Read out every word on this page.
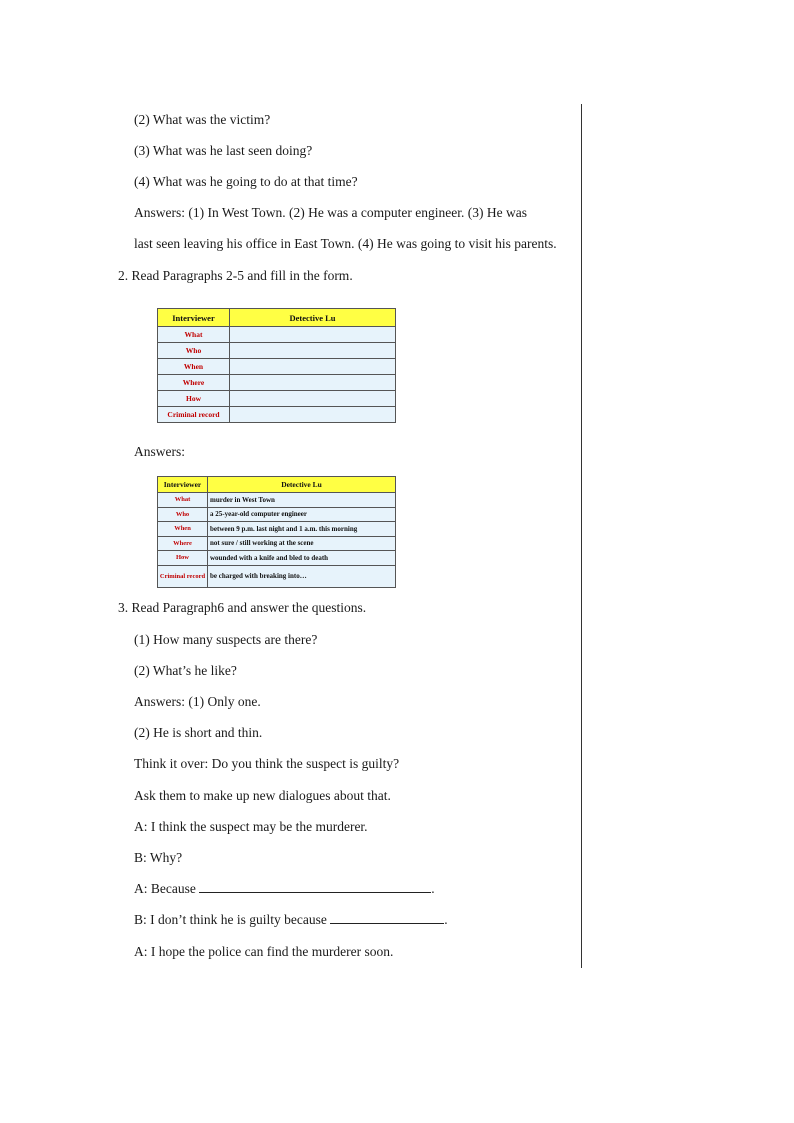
(2) What was the victim?
(3) What was he last seen doing?
(4) What was he going to do at that time?
Answers: (1) In West Town. (2) He was a computer engineer. (3) He was
last seen leaving his office in East Town. (4) He was going to visit his parents.
2. Read Paragraphs 2-5 and fill in the form.
Interviewer	Detective Lu
What	
Who	
When	
Where	
How	
Criminal record	
Answers:
Interviewer	Detective Lu
What	murder in West Town
Who	a 25-year-old computer engineer
When	between 9 p.m. last night and 1 a.m. this morning
Where	not sure / still working at the scene
How	wounded with a knife and bled to death
Criminal record	be charged with breaking into…
3. Read Paragraph6 and answer the questions.
(1) How many suspects are there?
(2) What’s he like?
Answers: (1) Only one.
(2) He is short and thin.
Think it over: Do you think the suspect is guilty?
Ask them to make up new dialogues about that.
A: I think the suspect may be the murderer.
B: Why?
A: Because	.
B: I don’t think he is guilty because	.
A: I hope the police can find the murderer soon.
